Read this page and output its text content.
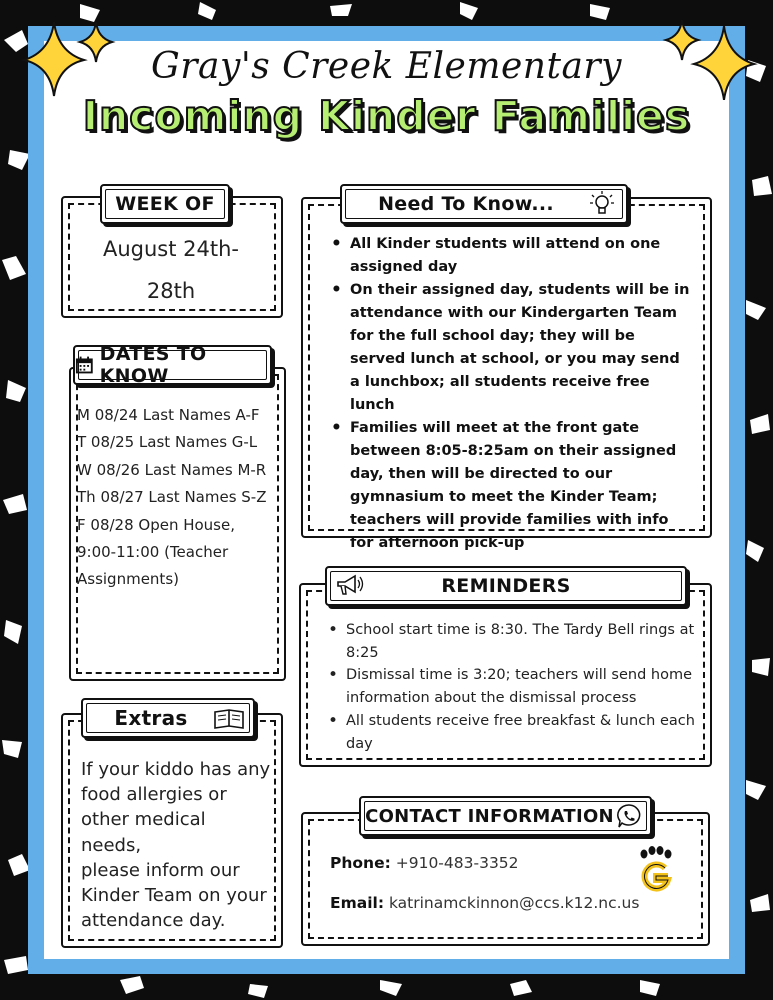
Gray's Creek Elementary
Incoming Kinder Families
WEEK OF
August 24th-
28th
DATES TO KNOW
M 08/24 Last Names A-F
T 08/25 Last Names G-L
W 08/26 Last Names M-R
Th 08/27 Last Names S-Z
F 08/28 Open House,
9:00-11:00 (Teacher
Assignments)
Extras
If your kiddo has any
food allergies or
other medical needs,
please inform our
Kinder Team on your
attendance day.
Need To Know...
• All Kinder students will attend on one assigned day
• On their assigned day, students will be in attendance with our Kindergarten Team for the full school day; they will be served lunch at school, or you may send a lunchbox; all students receive free lunch
• Families will meet at the front gate between 8:05-8:25am on their assigned day, then will be directed to our gymnasium to meet the Kinder Team; teachers will provide families with info for afternoon pick-up
REMINDERS
• School start time is 8:30. The Tardy Bell rings at 8:25
• Dismissal time is 3:20; teachers will send home information about the dismissal process
• All students receive free breakfast & lunch each day
CONTACT INFORMATION
Phone: +910-483-3352
Email: katrinamckinnon@ccs.k12.nc.us
